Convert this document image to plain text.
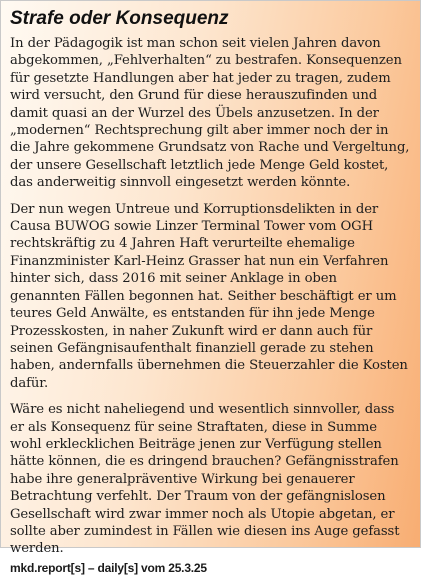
Strafe oder Konsequenz

In der Pädagogik ist man schon seit vielen Jahren davon abgekommen, „Fehlverhalten“ zu bestrafen. Konsequenzen für gesetzte Handlungen aber hat jeder zu tragen, zudem wird versucht, den Grund für diese herauszufinden und damit quasi an der Wurzel des Übels anzusetzen. In der „modernen“ Rechtsprechung gilt aber immer noch der in die Jahre gekommene Grundsatz von Rache und Vergeltung, der unsere Gesellschaft letztlich jede Menge Geld kostet, das anderweitig sinnvoll eingesetzt werden könnte.

Der nun wegen Untreue und Korruptionsdelikten in der Causa BUWOG sowie Linzer Terminal Tower vom OGH rechtskräftig zu 4 Jahren Haft verurteilte ehemalige Finanzminister Karl-Heinz Grasser hat nun ein Verfahren hinter sich, dass 2016 mit seiner Anklage in oben genannten Fällen begonnen hat. Seither beschäftigt er um teures Geld Anwälte, es entstanden für ihn jede Menge Prozesskosten, in naher Zukunft wird er dann auch für seinen Gefängnisaufenthalt finanziell gerade zu stehen haben, andernfalls übernehmen die Steuerzahler die Kosten dafür.

Wäre es nicht naheliegend und wesentlich sinnvoller, dass er als Konsequenz für seine Straftaten, diese in Summe wohl erklecklichen Beiträge jenen zur Verfügung stellen hätte können, die es dringend brauchen? Gefängnisstrafen habe ihre generalpräventive Wirkung bei genauerer Betrachtung verfehlt. Der Traum von der gefängnislosen Gesellschaft wird zwar immer noch als Utopie abgetan, er sollte aber zumindest in Fällen wie diesen ins Auge gefasst werden.

mkd.report[s] – daily[s] vom 25.3.25
